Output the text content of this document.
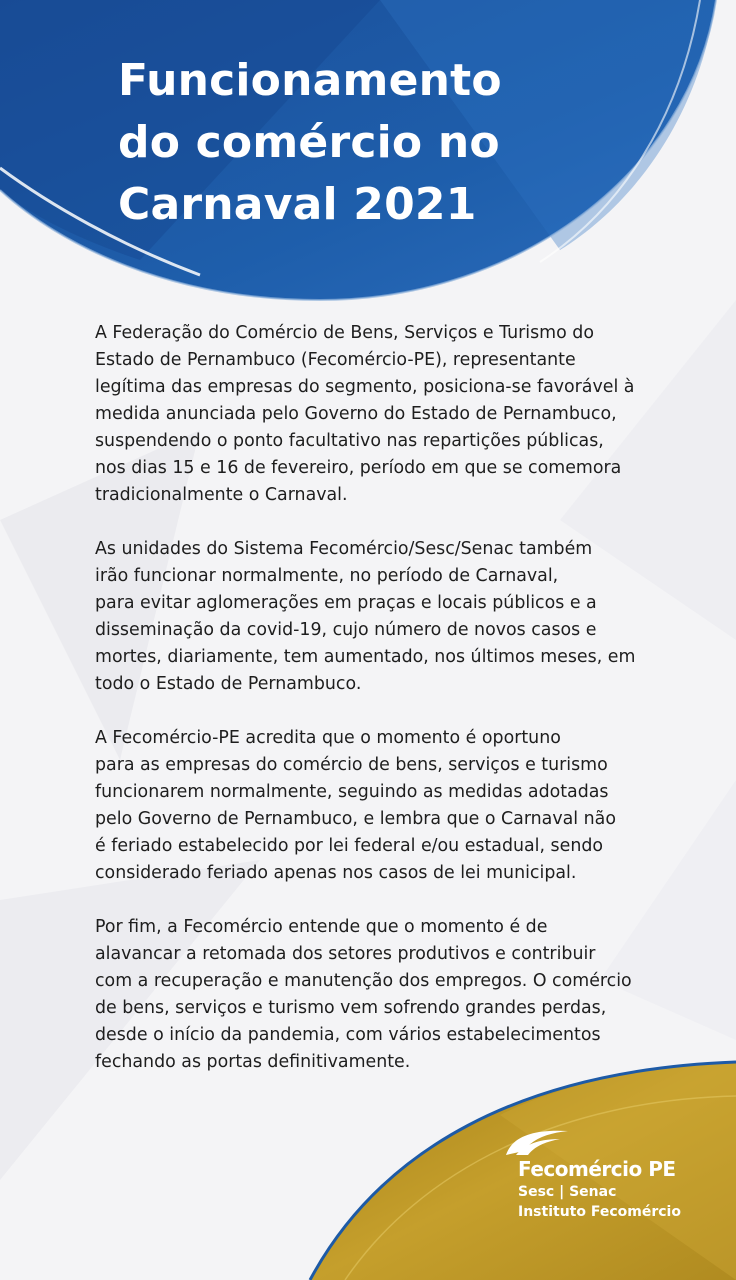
Funcionamento
do comércio no
Carnaval 2021

A Federação do Comércio de Bens, Serviços e Turismo do
Estado de Pernambuco (Fecomércio-PE), representante
legítima das empresas do segmento, posiciona-se favorável à
medida anunciada pelo Governo do Estado de Pernambuco,
suspendendo o ponto facultativo nas repartições públicas,
nos dias 15 e 16 de fevereiro, período em que se comemora
tradicionalmente o Carnaval.

As unidades do Sistema Fecomércio/Sesc/Senac também
irão funcionar normalmente, no período de Carnaval,
para evitar aglomerações em praças e locais públicos e a
disseminação da covid-19, cujo número de novos casos e
mortes, diariamente, tem aumentado, nos últimos meses, em
todo o Estado de Pernambuco.

A Fecomércio-PE acredita que o momento é oportuno
para as empresas do comércio de bens, serviços e turismo
funcionarem normalmente, seguindo as medidas adotadas
pelo Governo de Pernambuco, e lembra que o Carnaval não
é feriado estabelecido por lei federal e/ou estadual, sendo
considerado feriado apenas nos casos de lei municipal.

Por fim, a Fecomércio entende que o momento é de
alavancar a retomada dos setores produtivos e contribuir
com a recuperação e manutenção dos empregos. O comércio
de bens, serviços e turismo vem sofrendo grandes perdas,
desde o início da pandemia, com vários estabelecimentos
fechando as portas definitivamente.

Fecomércio PE
Sesc | Senac
Instituto Fecomércio
